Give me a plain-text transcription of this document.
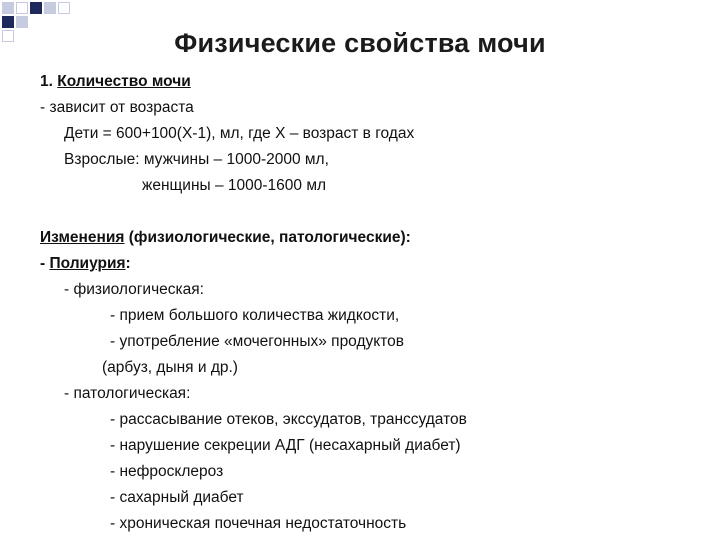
Физические свойства мочи
1. Количество мочи
- зависит от возраста
Дети = 600+100(Х-1), мл, где Х – возраст в годах
Взрослые: мужчины – 1000-2000 мл,
женщины – 1000-1600 мл
Изменения (физиологические, патологические):
- Полиурия:
- физиологическая:
- прием большого количества жидкости,
- употребление «мочегонных» продуктов
(арбуз, дыня и др.)
- патологическая:
- рассасывание отеков, экссудатов, транссудатов
- нарушение секреции АДГ (несахарный диабет)
- нефросклероз
- сахарный диабет
- хроническая почечная недостаточность
